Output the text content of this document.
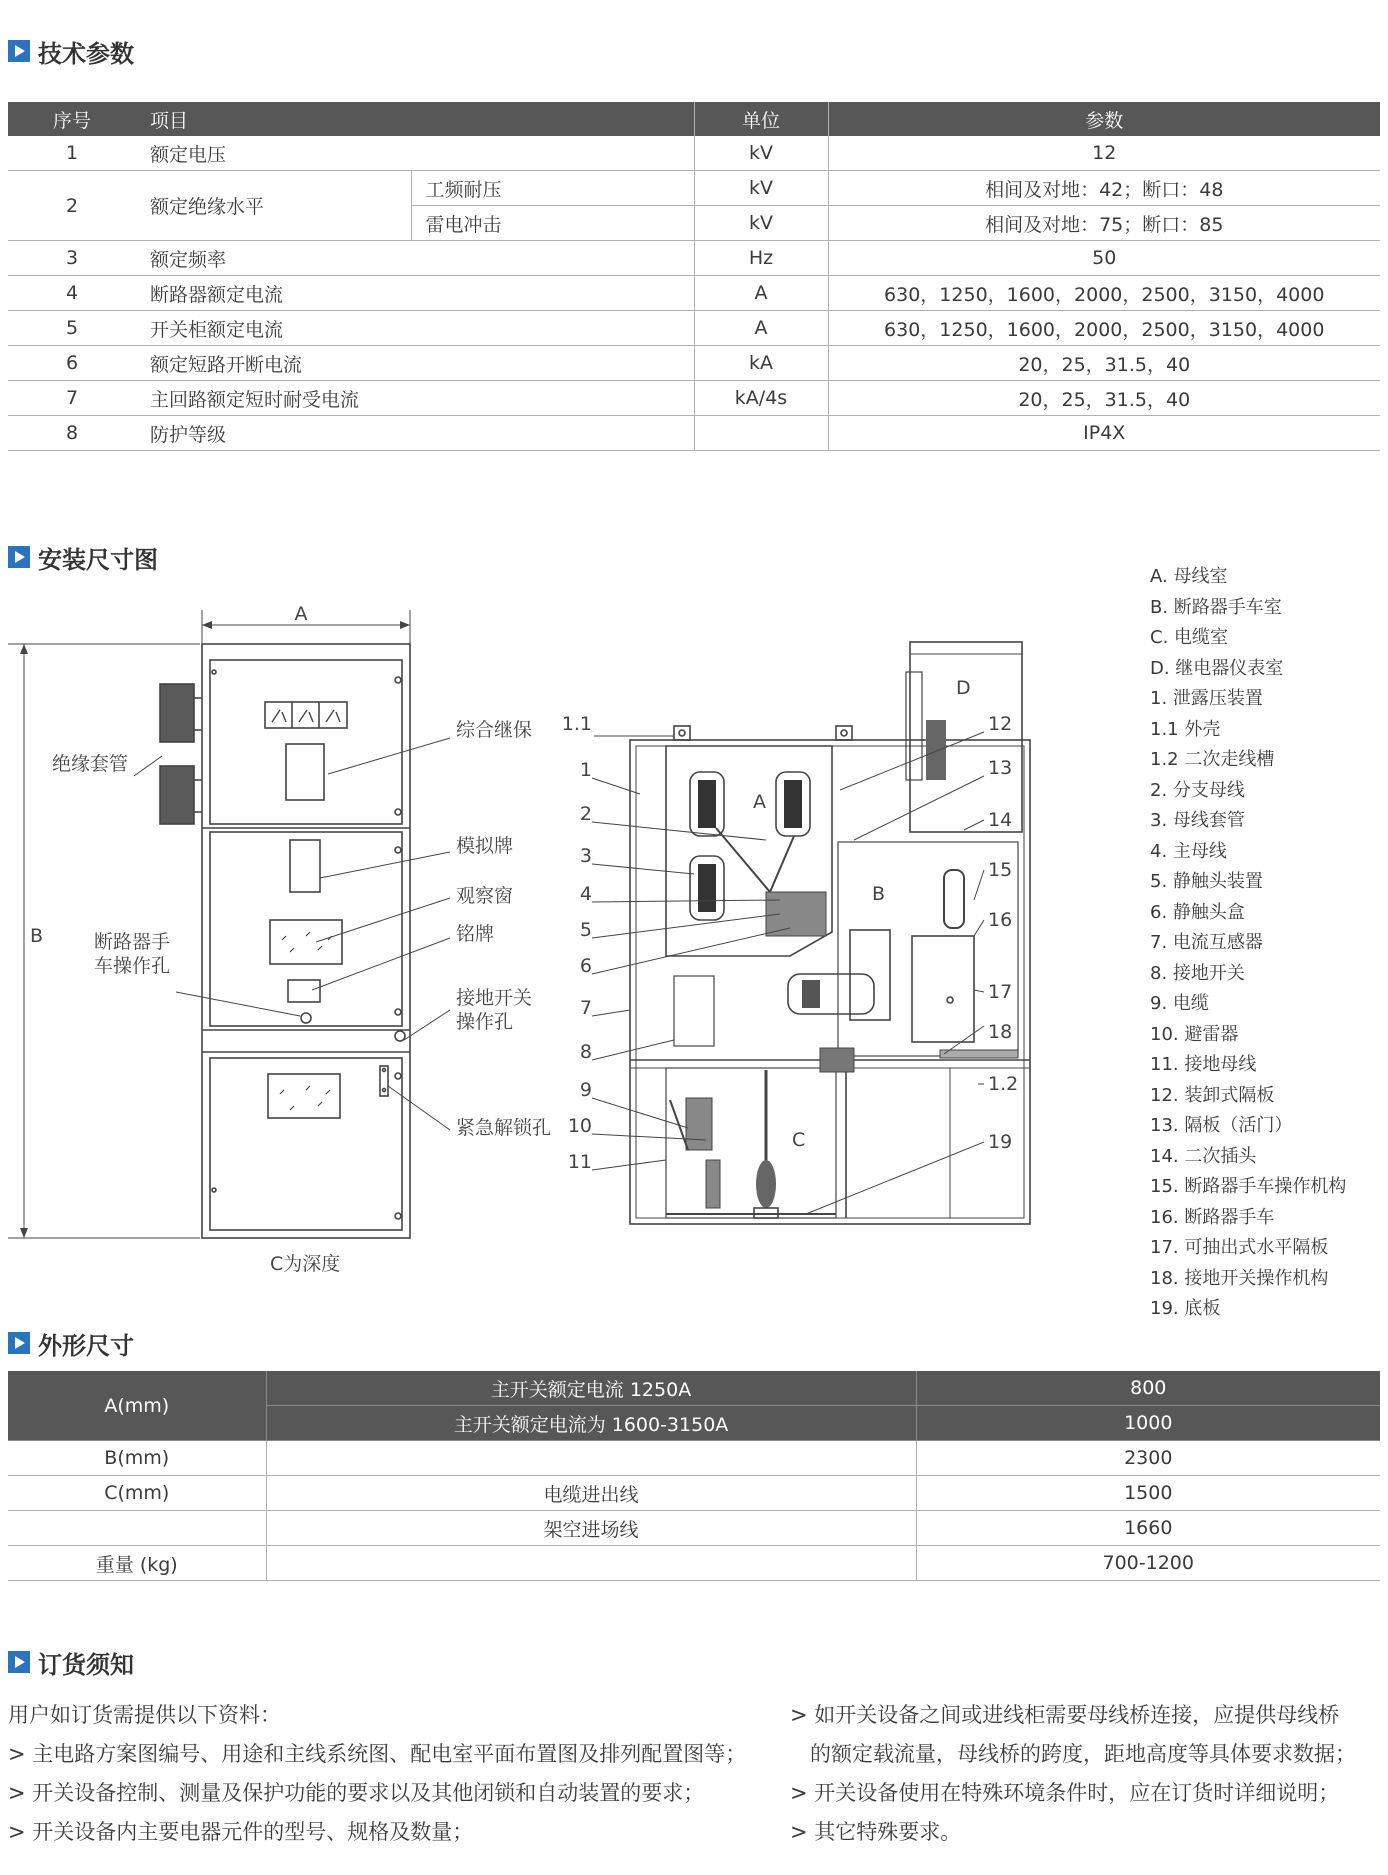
技术参数
序号	项目		单位	参数
1	额定电压		kV	12
2	额定绝缘水平	工频耐压	kV	相间及对地：42；断口：48
		雷电冲击	kV	相间及对地：75；断口：85
3	额定频率		Hz	50
4	断路器额定电流		A	630，1250，1600，2000，2500，3150，4000
5	开关柜额定电流		A	630，1250，1600，2000，2500，3150，4000
6	额定短路开断电流		kA	20，25，31.5，40
7	主回路额定短时耐受电流		kA/4s	20，25，31.5，40
8	防护等级			IP4X
安装尺寸图
A
B
绝缘套管
综合继保
模拟牌
观察窗
铭牌
断路器手
车操作孔
接地开关
操作孔
紧急解锁孔
C为深度
D
A
B
C
1.1
1
2
3
4
5
6
7
8
9
10
11
12
13
14
15
16
17
18
1.2
19
A. 母线室
B. 断路器手车室
C. 电缆室
D. 继电器仪表室
1. 泄露压装置
1.1 外壳
1.2 二次走线槽
2. 分支母线
3. 母线套管
4. 主母线
5. 静触头装置
6. 静触头盒
7. 电流互感器
8. 接地开关
9. 电缆
10. 避雷器
11. 接地母线
12. 装卸式隔板
13. 隔板（活门）
14. 二次插头
15. 断路器手车操作机构
16. 断路器手车
17. 可抽出式水平隔板
18. 接地开关操作机构
19. 底板
外形尺寸
A(mm)	主开关额定电流 1250A	800
	主开关额定电流为 1600-3150A	1000
B(mm)		2300
C(mm)	电缆进出线	1500
	架空进场线	1660
重量 (kg)		700-1200
订货须知
用户如订货需提供以下资料：
> 主电路方案图编号、用途和主线系统图、配电室平面布置图及排列配置图等；
> 开关设备控制、测量及保护功能的要求以及其他闭锁和自动装置的要求；
> 开关设备内主要电器元件的型号、规格及数量；
> 如开关设备之间或进线柜需要母线桥连接，应提供母线桥
的额定载流量，母线桥的跨度，距地高度等具体要求数据；
> 开关设备使用在特殊环境条件时，应在订货时详细说明；
> 其它特殊要求。
